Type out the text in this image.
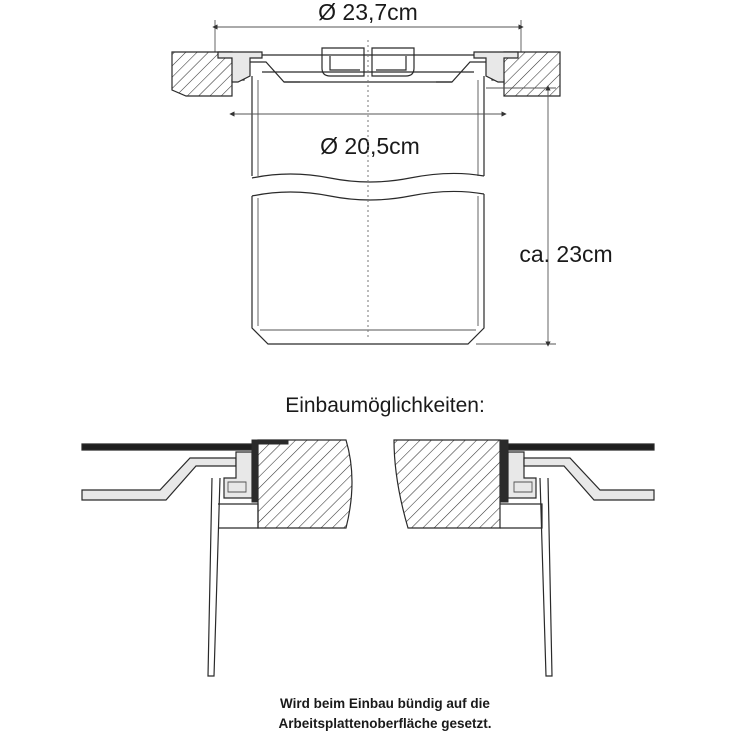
Ø 23,7cm
Ø 20,5cm
ca. 23cm
Einbaumöglichkeiten:
Wird beim Einbau bündig auf die
Arbeitsplattenoberfläche gesetzt.
